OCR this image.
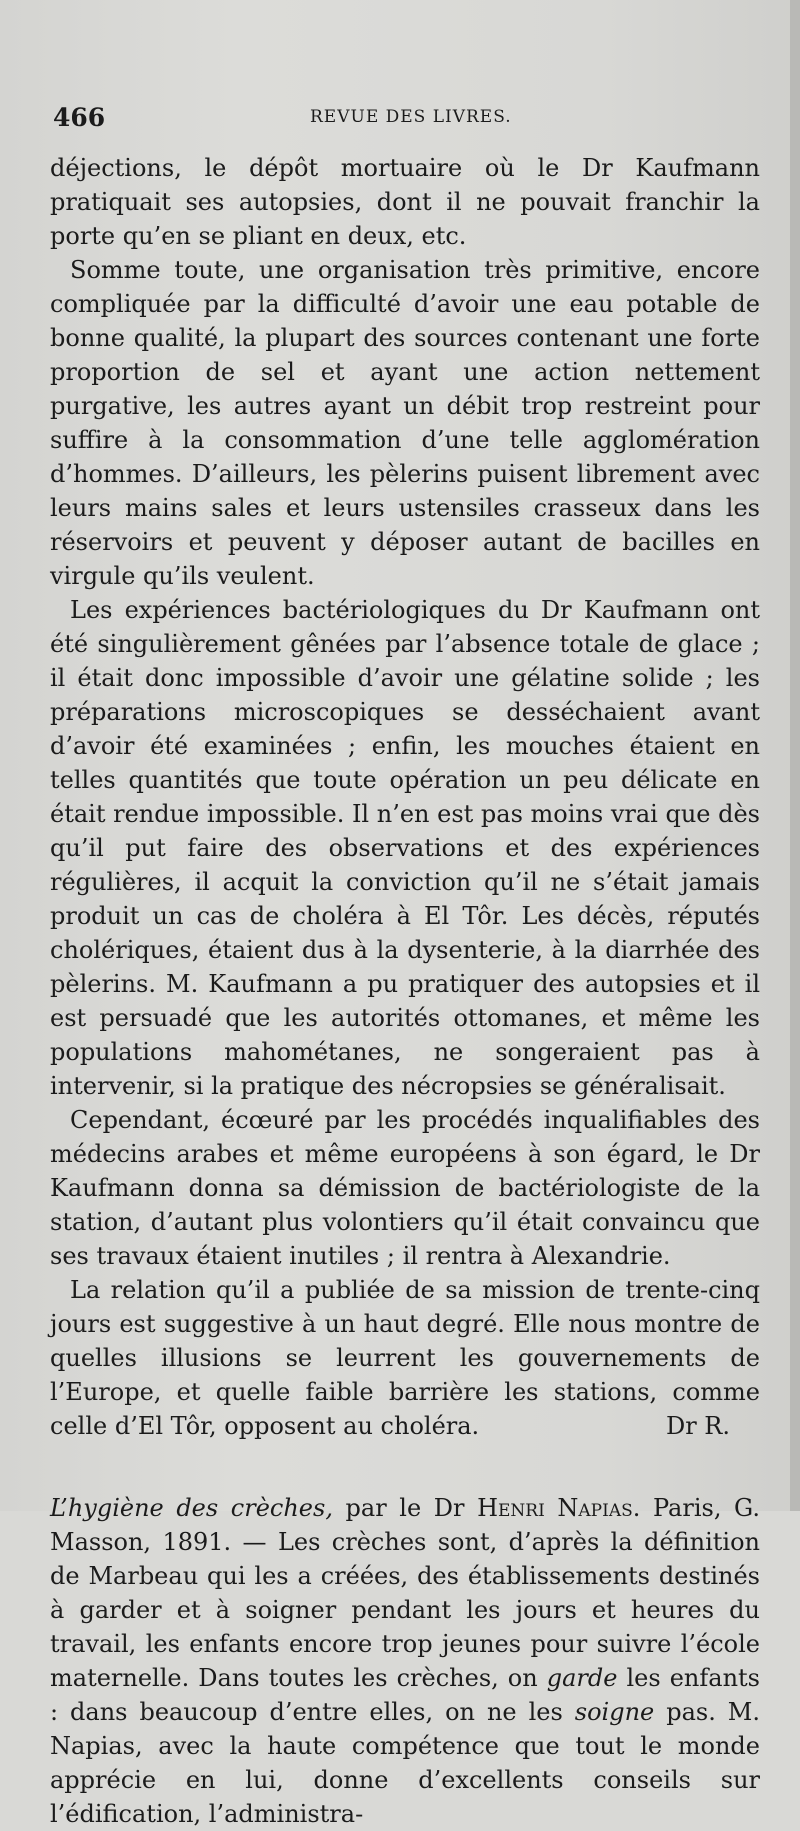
466	REVUE DES LIVRES.

déjections, le dépôt mortuaire où le Dr Kaufmann pratiquait ses autopsies, dont il ne pouvait franchir la porte qu’en se pliant en deux, etc.

Somme toute, une organisation très primitive, encore compliquée par la difficulté d’avoir une eau potable de bonne qualité, la plupart des sources contenant une forte proportion de sel et ayant une action nettement purgative, les autres ayant un débit trop restreint pour suffire à la consommation d’une telle agglomération d’hommes. D’ailleurs, les pèlerins puisent librement avec leurs mains sales et leurs ustensiles crasseux dans les réservoirs et peuvent y déposer autant de bacilles en virgule qu’ils veulent.

Les expériences bactériologiques du Dr Kaufmann ont été singulièrement gênées par l’absence totale de glace ; il était donc impossible d’avoir une gélatine solide ; les préparations microscopiques se desséchaient avant d’avoir été examinées ; enfin, les mouches étaient en telles quantités que toute opération un peu délicate en était rendue impossible. Il n’en est pas moins vrai que dès qu’il put faire des observations et des expériences régulières, il acquit la conviction qu’il ne s’était jamais produit un cas de choléra à El Tôr. Les décès, réputés cholériques, étaient dus à la dysenterie, à la diarrhée des pèlerins. M. Kaufmann a pu pratiquer des autopsies et il est persuadé que les autorités ottomanes, et même les populations mahométanes, ne songeraient pas à intervenir, si la pratique des nécropsies se généralisait.

Cependant, écœuré par les procédés inqualifiables des médecins arabes et même européens à son égard, le Dr Kaufmann donna sa démission de bactériologiste de la station, d’autant plus volontiers qu’il était convaincu que ses travaux étaient inutiles ; il rentra à Alexandrie.

La relation qu’il a publiée de sa mission de trente-cinq jours est suggestive à un haut degré. Elle nous montre de quelles illusions se leurrent les gouvernements de l’Europe, et quelle faible barrière les stations, comme celle d’El Tôr, opposent au choléra.	Dr R.

L’hygiène des crèches, par le Dr Henri Napias. Paris, G. Masson, 1891. — Les crèches sont, d’après la définition de Marbeau qui les a créées, des établissements destinés à garder et à soigner pendant les jours et heures du travail, les enfants encore trop jeunes pour suivre l’école maternelle. Dans toutes les crèches, on garde les enfants : dans beaucoup d’entre elles, on ne les soigne pas. M. Napias, avec la haute compétence que tout le monde apprécie en lui, donne d’excellents conseils sur l’édification, l’administra-
